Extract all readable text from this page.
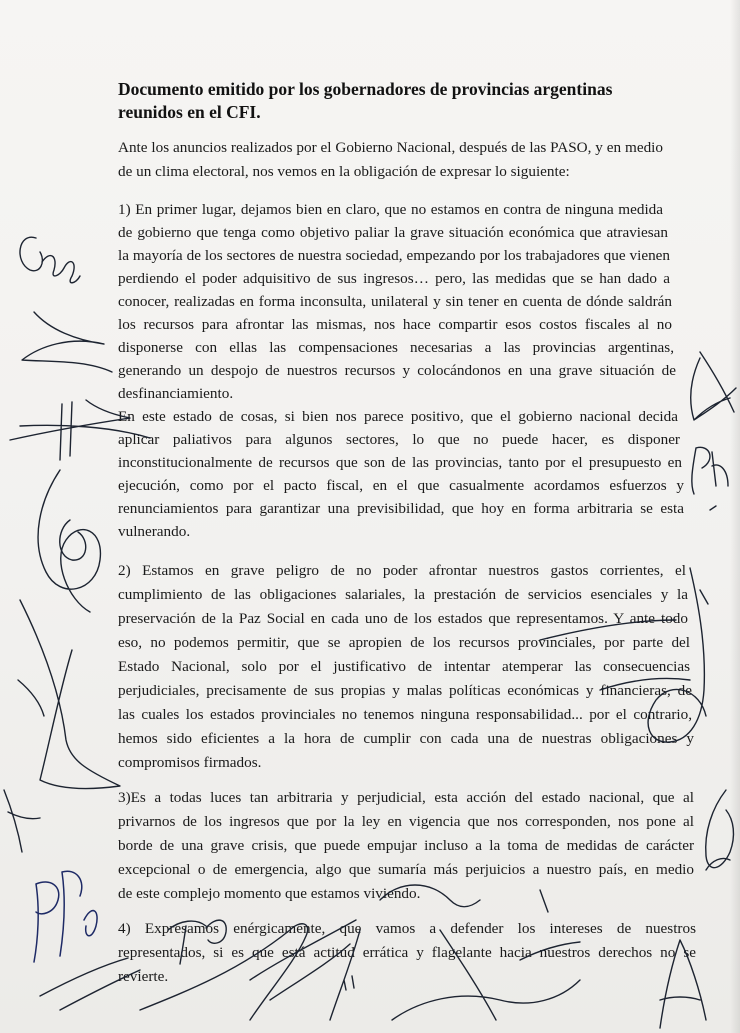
Documento emitido por los gobernadores de provincias argentinas
reunidos en el CFI.
Ante los anuncios realizados por el Gobierno Nacional, después de las PASO, y en medio
de un clima electoral, nos vemos en la obligación de expresar lo siguiente:
1) En primer lugar, dejamos bien en claro, que no estamos en contra de ninguna medida
de gobierno que tenga como objetivo paliar la grave situación económica que atraviesan
la mayoría de los sectores de nuestra sociedad, empezando por los trabajadores que vienen
perdiendo el poder adquisitivo de sus ingresos… pero, las medidas que se han dado a
conocer, realizadas en forma inconsulta, unilateral y sin tener en cuenta de dónde saldrán
los recursos para afrontar las mismas, nos hace compartir esos costos fiscales al no
disponerse con ellas las compensaciones necesarias a las provincias argentinas,
generando un despojo de nuestros recursos y colocándonos en una grave situación de
desfinanciamiento.
En este estado de cosas, si bien nos parece positivo, que el gobierno nacional decida
aplicar paliativos para algunos sectores, lo que no puede hacer, es disponer
inconstitucionalmente de recursos que son de las provincias, tanto por el presupuesto en
ejecución, como por el pacto fiscal, en el que casualmente acordamos esfuerzos y
renunciamientos para garantizar una previsibilidad, que hoy en forma arbitraria se esta
vulnerando.
2) Estamos en grave peligro de no poder afrontar nuestros gastos corrientes, el
cumplimiento de las obligaciones salariales, la prestación de servicios esenciales y la
preservación de la Paz Social en cada uno de los estados que representamos. Y ante todo
eso, no podemos permitir, que se apropien de los recursos provinciales, por parte del
Estado Nacional, solo por el justificativo de intentar atemperar las consecuencias
perjudiciales, precisamente de sus propias y malas políticas económicas y financieras, de
las cuales los estados provinciales no tenemos ninguna responsabilidad... por el contrario,
hemos sido eficientes a la hora de cumplir con cada una de nuestras obligaciones y
compromisos firmados.
3)Es a todas luces tan arbitraria y perjudicial, esta acción del estado nacional, que al
privarnos de los ingresos que por la ley en vigencia que nos corresponden, nos pone al
borde de una grave crisis, que puede empujar incluso a la toma de medidas de carácter
excepcional o de emergencia, algo que sumaría más perjuicios a nuestro país, en medio
de este complejo momento que estamos viviendo.
4) Expresamos enérgicamente, que vamos a defender los intereses de nuestros
representados, si es que está actitud errática y flagelante hacia nuestros derechos no se
revierte.
